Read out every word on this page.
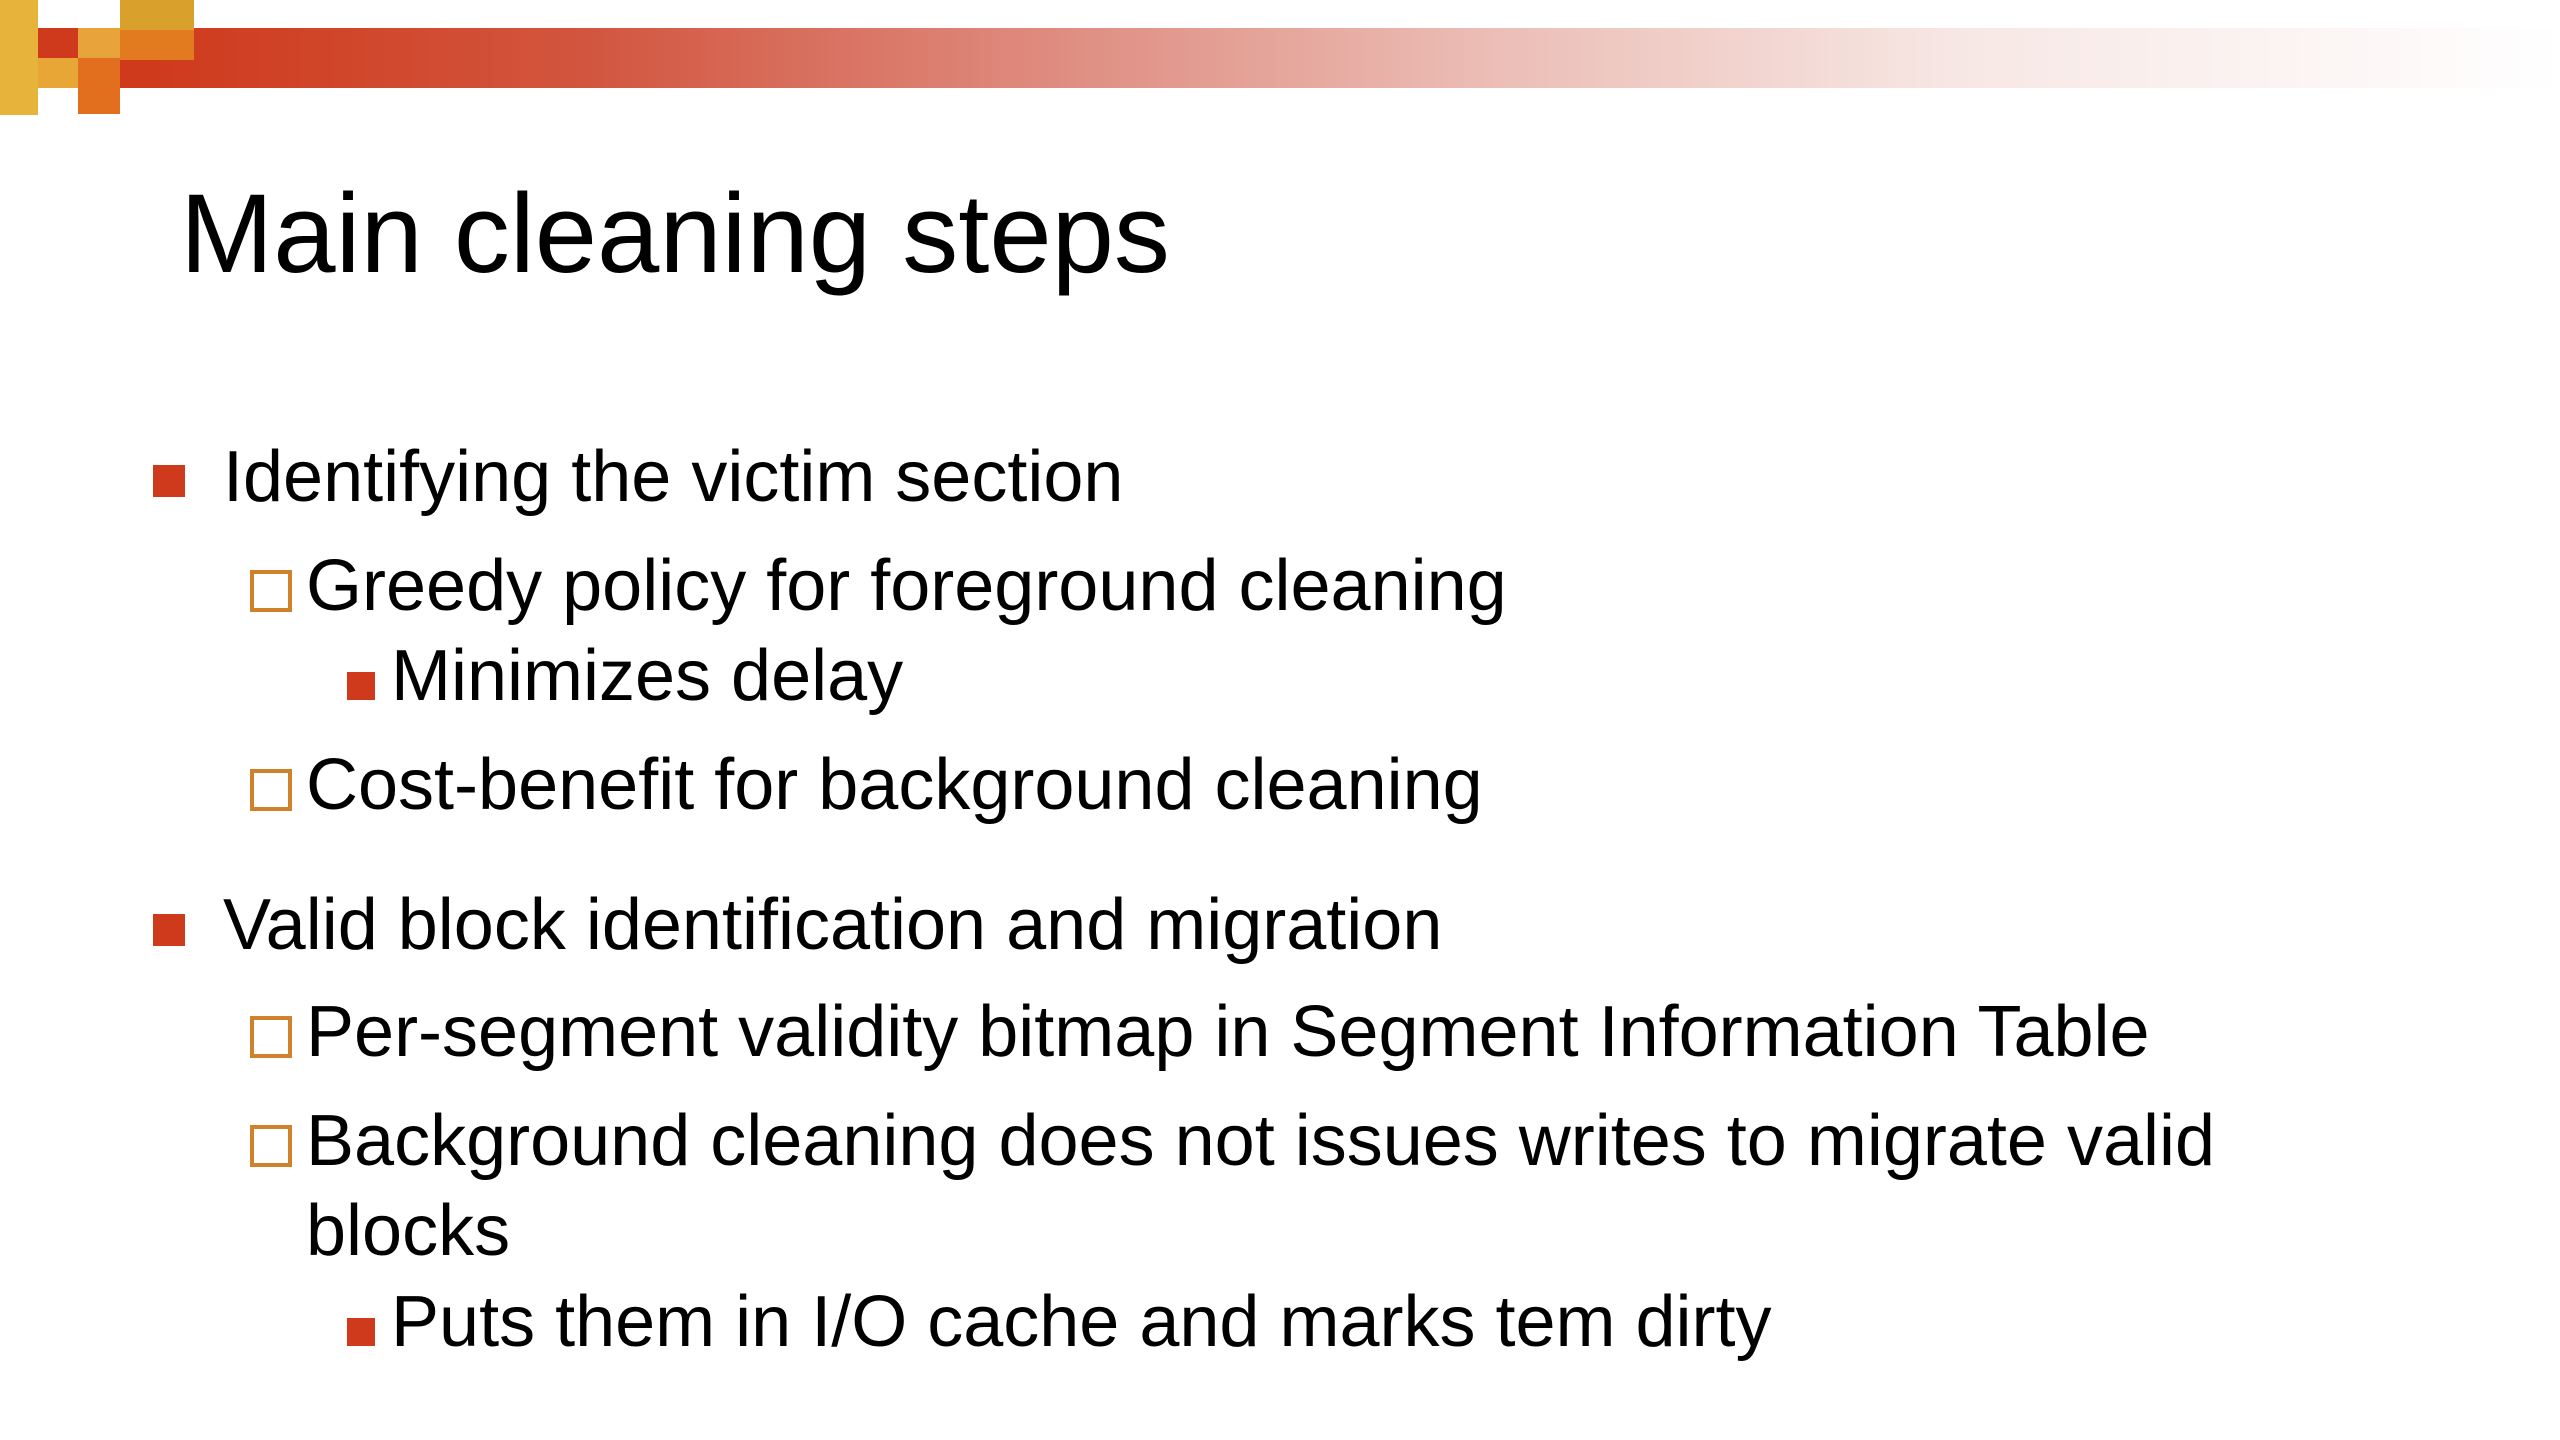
Main cleaning steps
Identifying the victim section
Greedy policy for foreground cleaning
Minimizes delay
Cost-benefit for background cleaning
Valid block identification and migration
Per-segment validity bitmap in Segment Information Table
Background cleaning does not issues writes to migrate valid
blocks
Puts them in I/O cache and marks tem dirty
